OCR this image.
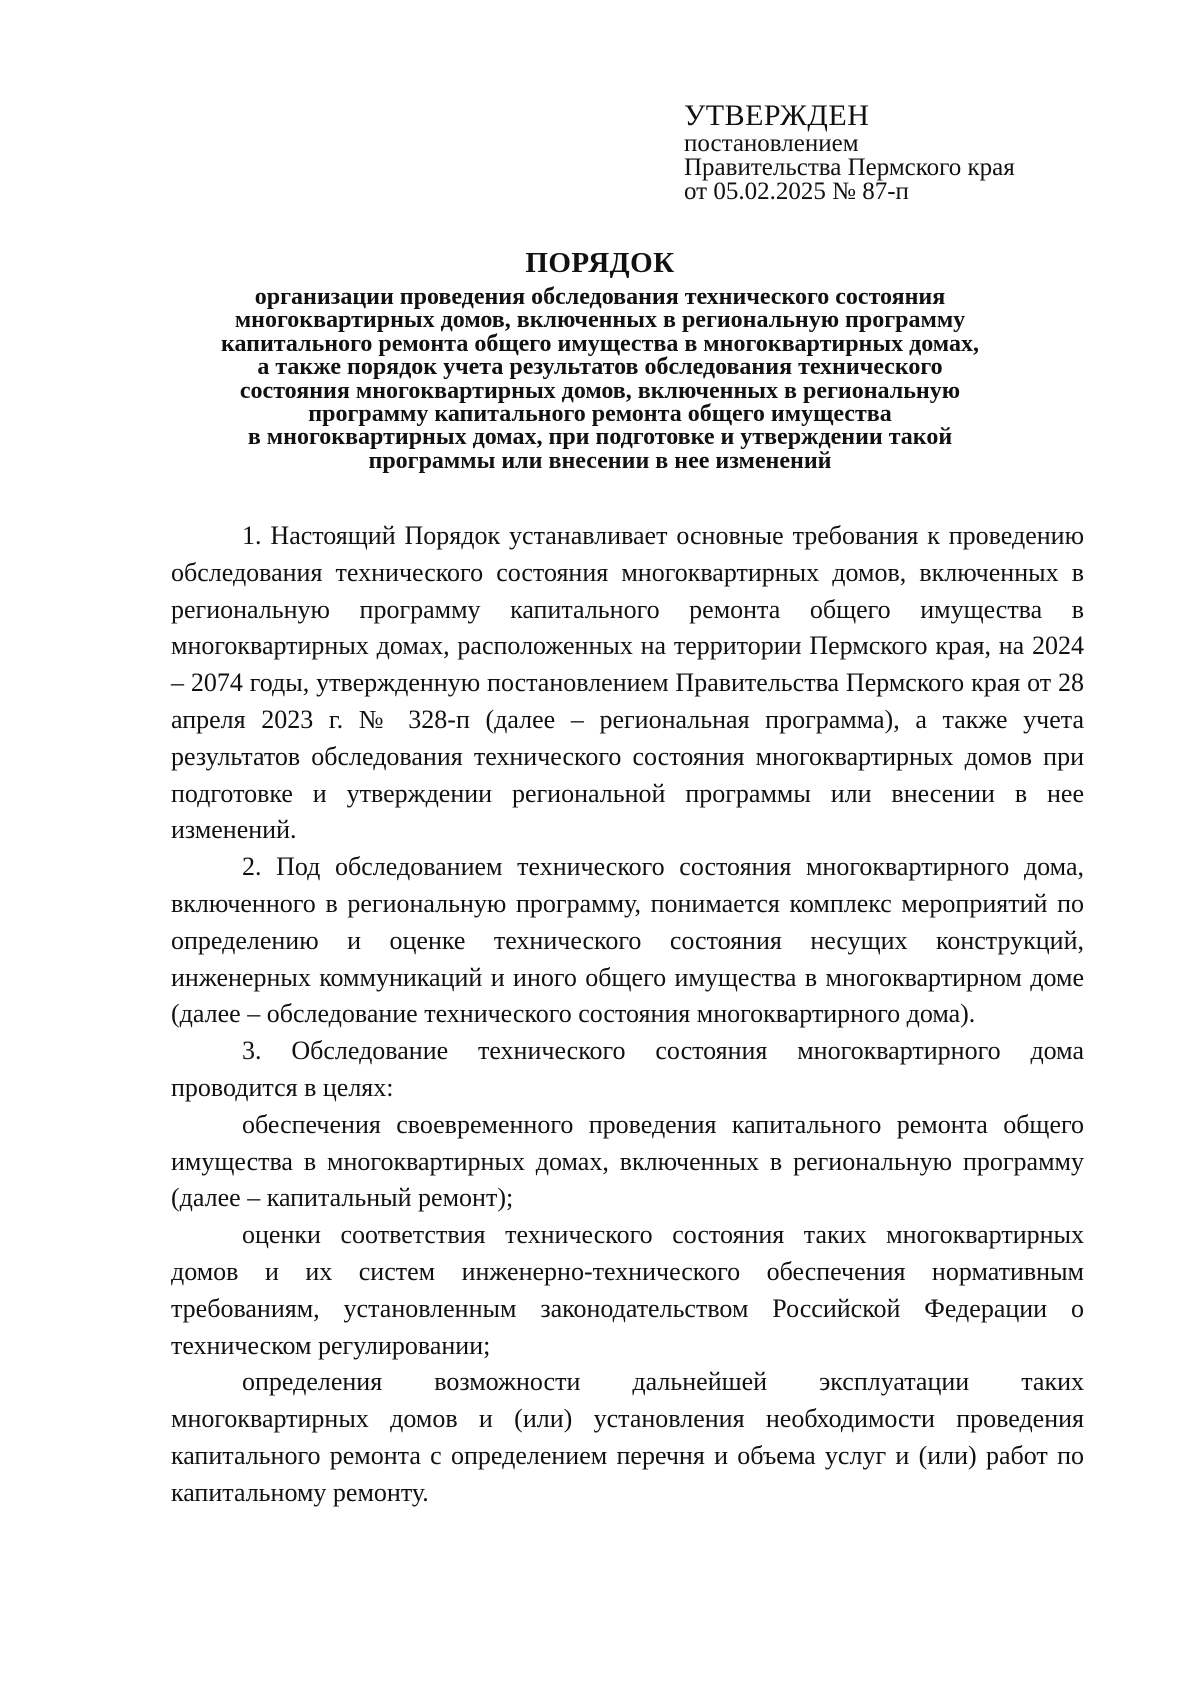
УТВЕРЖДЕН
постановлением
Правительства Пермского края
от 05.02.2025 № 87-п
ПОРЯДОК
организации проведения обследования технического состояния
многоквартирных домов, включенных в региональную программу
капитального ремонта общего имущества в многоквартирных домах,
а также порядок учета результатов обследования технического
состояния многоквартирных домов, включенных в региональную
программу капитального ремонта общего имущества
в многоквартирных домах, при подготовке и утверждении такой
программы или внесении в нее изменений

1. Настоящий Порядок устанавливает основные требования к проведению обследования технического состояния многоквартирных домов, включенных в региональную программу капитального ремонта общего имущества в многоквартирных домах, расположенных на территории Пермского края, на 2024 – 2074 годы, утвержденную постановлением Правительства Пермского края от 28 апреля 2023 г. № 328-п (далее – региональная программа), а также учета результатов обследования технического состояния многоквартирных домов при подготовке и утверждении региональной программы или внесении в нее изменений.

2. Под обследованием технического состояния многоквартирного дома, включенного в региональную программу, понимается комплекс мероприятий по определению и оценке технического состояния несущих конструкций, инженерных коммуникаций и иного общего имущества в многоквартирном доме (далее – обследование технического состояния многоквартирного дома).

3. Обследование технического состояния многоквартирного дома проводится в целях:

обеспечения своевременного проведения капитального ремонта общего имущества в многоквартирных домах, включенных в региональную программу (далее – капитальный ремонт);

оценки соответствия технического состояния таких многоквартирных домов и их систем инженерно-технического обеспечения нормативным требованиям, установленным законодательством Российской Федерации о техническом регулировании;

определения возможности дальнейшей эксплуатации таких многоквартирных домов и (или) установления необходимости проведения капитального ремонта с определением перечня и объема услуг и (или) работ по капитальному ремонту.
